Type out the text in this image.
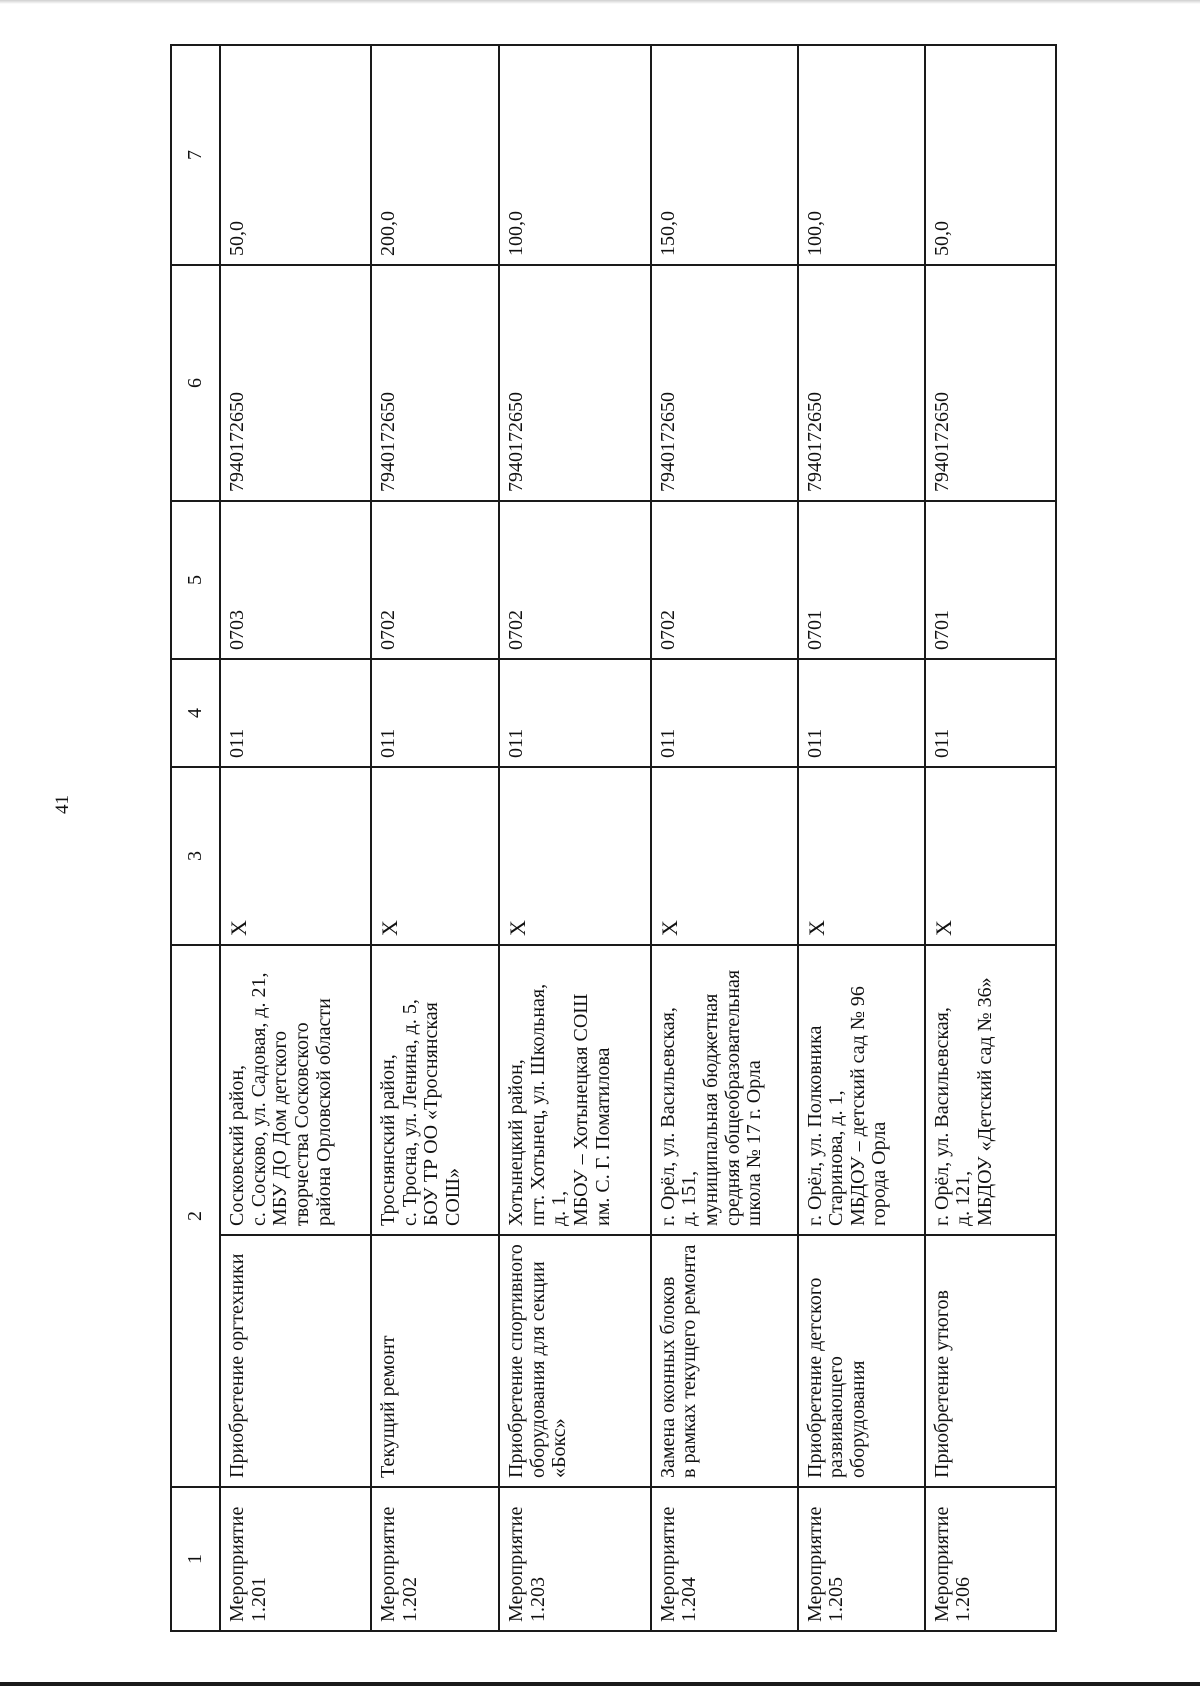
41
1	2		3	4	5	6	7

Мероприятие 1.201	Приобретение оргтехники	Сосковский район, с. Сосково, ул. Садовая, д. 21, МБУ ДО Дом детского творчества Сосковского района Орловской области	Х	011	0703	7940172650	50,0

Мероприятие 1.202	Текущий ремонт	Троснянский район, с. Тросна, ул. Ленина, д. 5, БОУ ТР ОО «Троснянская СОШ»	Х	011	0702	7940172650	200,0

Мероприятие 1.203	Приобретение спортивного оборудования для секции «Бокс»	Хотынецкий район, пгт. Хотынец, ул. Школьная, д. 1, МБОУ – Хотынецкая СОШ им. С. Г. Поматилова	Х	011	0702	7940172650	100,0

Мероприятие 1.204	Замена оконных блоков в рамках текущего ремонта	г. Орёл, ул. Васильевская, д. 151, муниципальная бюджетная средняя общеобразовательная школа № 17 г. Орла	Х	011	0702	7940172650	150,0

Мероприятие 1.205	Приобретение детского развивающего оборудования	г. Орёл, ул. Полковника Старинова, д. 1, МБДОУ – детский сад № 96 города Орла	Х	011	0701	7940172650	100,0

Мероприятие 1.206	Приобретение утюгов	г. Орёл, ул. Васильевская, д. 121, МБДОУ «Детский сад № 36»	Х	011	0701	7940172650	50,0
